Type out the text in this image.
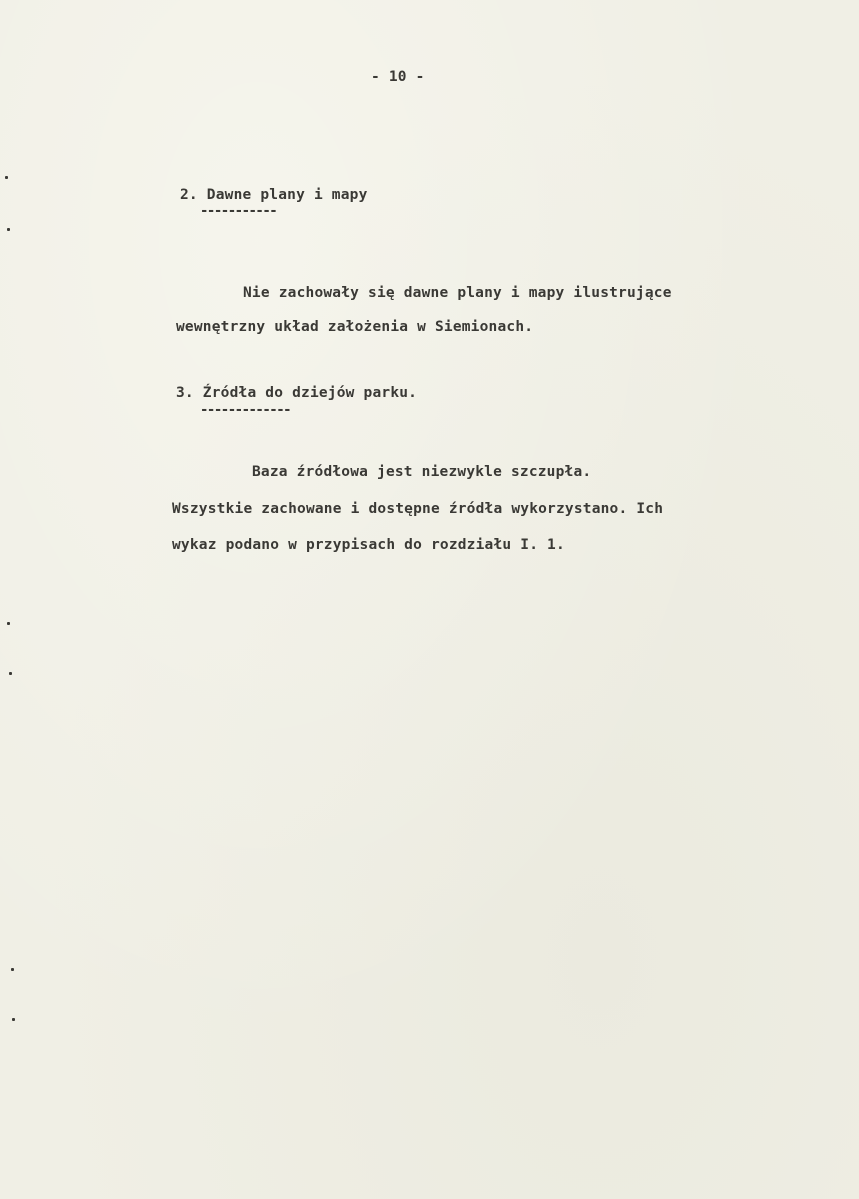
- 10 -
2. Dawne plany i mapy
-----------
Nie zachowały się dawne plany i mapy ilustrujące
wewnętrzny układ założenia w Siemionach.
3. Źródła do dziejów parku.
-------------
Baza źródłowa jest niezwykle szczupła.
Wszystkie zachowane i dostępne źródła wykorzystano. Ich
wykaz podano w przypisach do rozdziału I. 1.
